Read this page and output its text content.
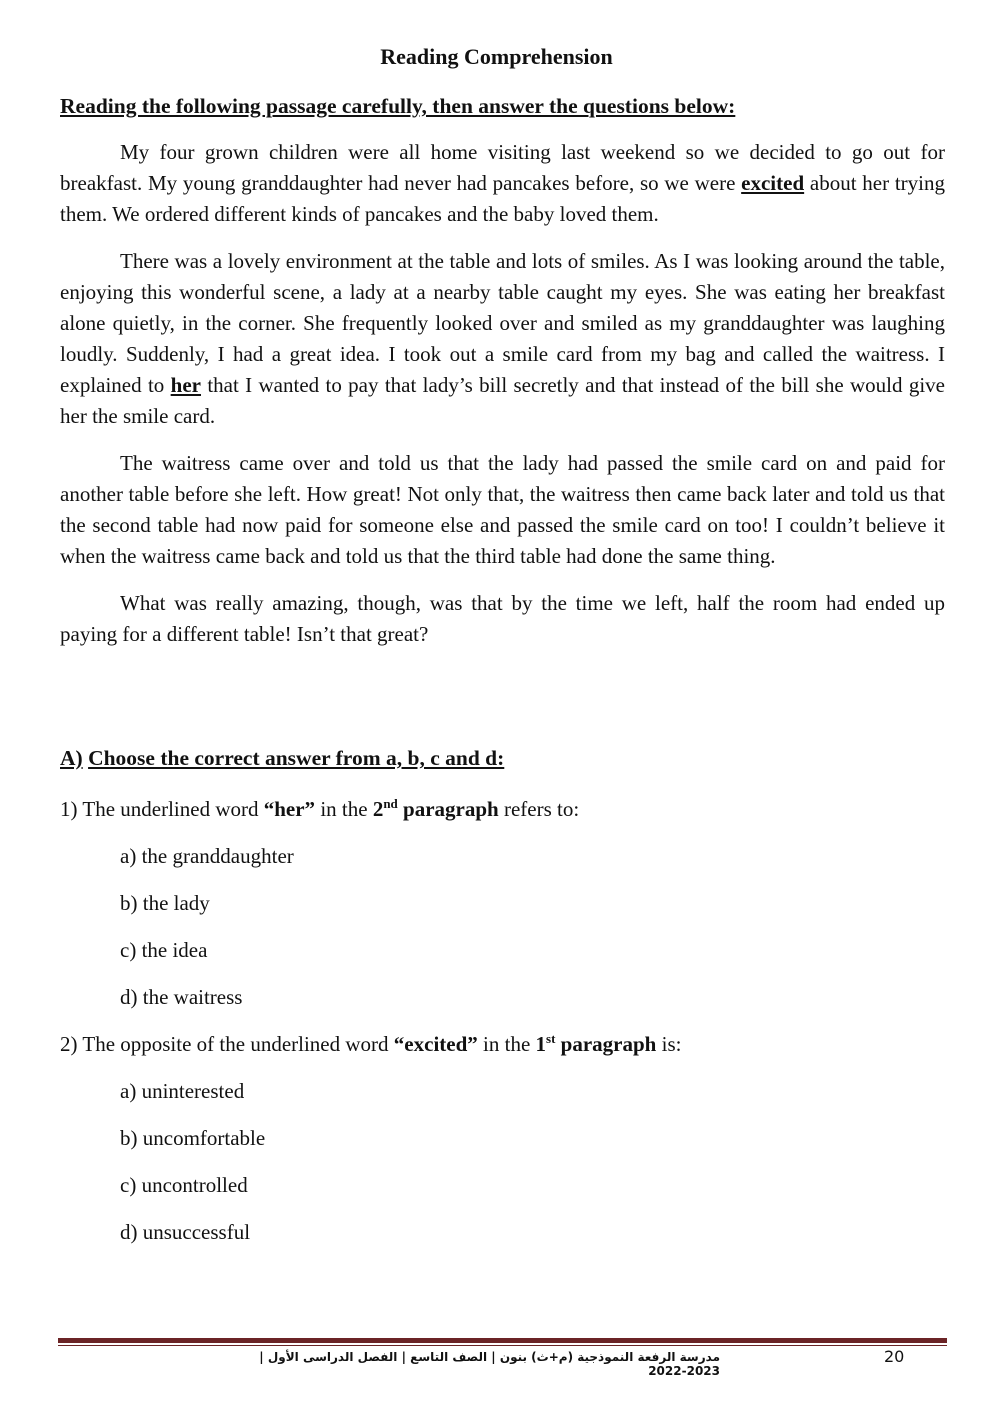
Reading Comprehension
Reading the following passage carefully, then answer the questions below:

My four grown children were all home visiting last weekend so we decided to go out for breakfast. My young granddaughter had never had pancakes before, so we were excited about her trying them. We ordered different kinds of pancakes and the baby loved them.

There was a lovely environment at the table and lots of smiles. As I was looking around the table, enjoying this wonderful scene, a lady at a nearby table caught my eyes. She was eating her breakfast alone quietly, in the corner. She frequently looked over and smiled as my granddaughter was laughing loudly. Suddenly, I had a great idea. I took out a smile card from my bag and called the waitress. I explained to her that I wanted to pay that lady’s bill secretly and that instead of the bill she would give her the smile card.

The waitress came over and told us that the lady had passed the smile card on and paid for another table before she left. How great! Not only that, the waitress then came back later and told us that the second table had now paid for someone else and passed the smile card on too! I couldn’t believe it when the waitress came back and told us that the third table had done the same thing.

What was really amazing, though, was that by the time we left, half the room had ended up paying for a different table! Isn’t that great?

A) Choose the correct answer from a, b, c and d:
1) The underlined word “her” in the 2nd paragraph refers to:
a) the granddaughter
b) the lady
c) the idea
d) the waitress
2) The opposite of the underlined word “excited” in the 1st paragraph is:
a) uninterested
b) uncomfortable
c) uncontrolled
d) unsuccessful
مدرسة الرفعة النموذجية (م+ث) بنون | الصف التاسع | الفصل الدراسى الأول | 2023-2022
20
